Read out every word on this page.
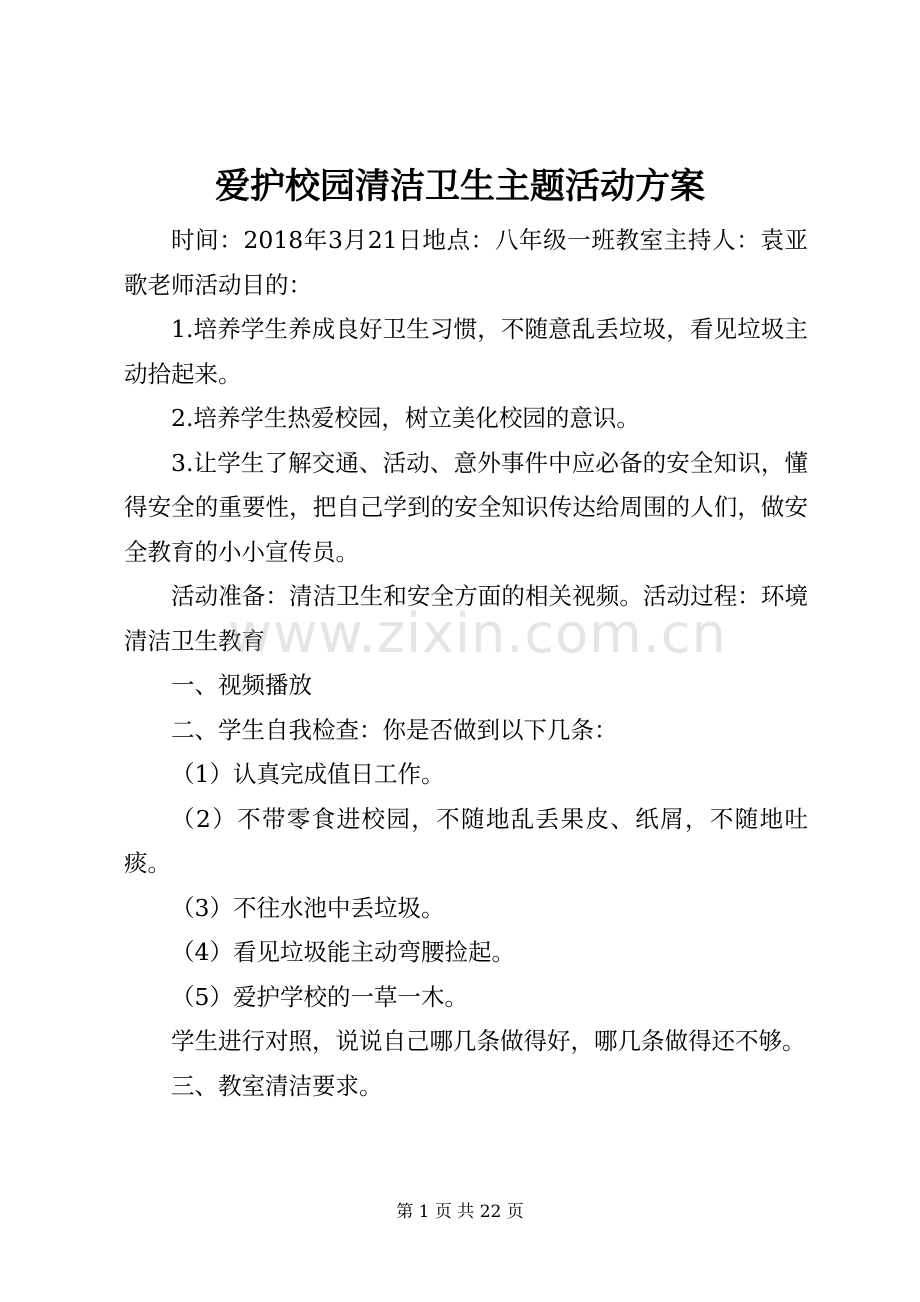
爱护校园清洁卫生主题活动方案

时间：2018年3月21日地点：八年级一班教室主持人：袁亚歌老师活动目的：

1.培养学生养成良好卫生习惯，不随意乱丢垃圾，看见垃圾主动拾起来。

2.培养学生热爱校园，树立美化校园的意识。

3.让学生了解交通、活动、意外事件中应必备的安全知识，懂得安全的重要性，把自己学到的安全知识传达给周围的人们，做安全教育的小小宣传员。

活动准备：清洁卫生和安全方面的相关视频。活动过程：环境清洁卫生教育

一、视频播放

二、学生自我检查：你是否做到以下几条：

（1）认真完成值日工作。

（2）不带零食进校园，不随地乱丢果皮、纸屑，不随地吐痰。

（3）不往水池中丢垃圾。

（4）看见垃圾能主动弯腰捡起。

（5）爱护学校的一草一木。

学生进行对照，说说自己哪几条做得好，哪几条做得还不够。

三、教室清洁要求。

www.zixin.com.cn
第 1 页 共 22 页
